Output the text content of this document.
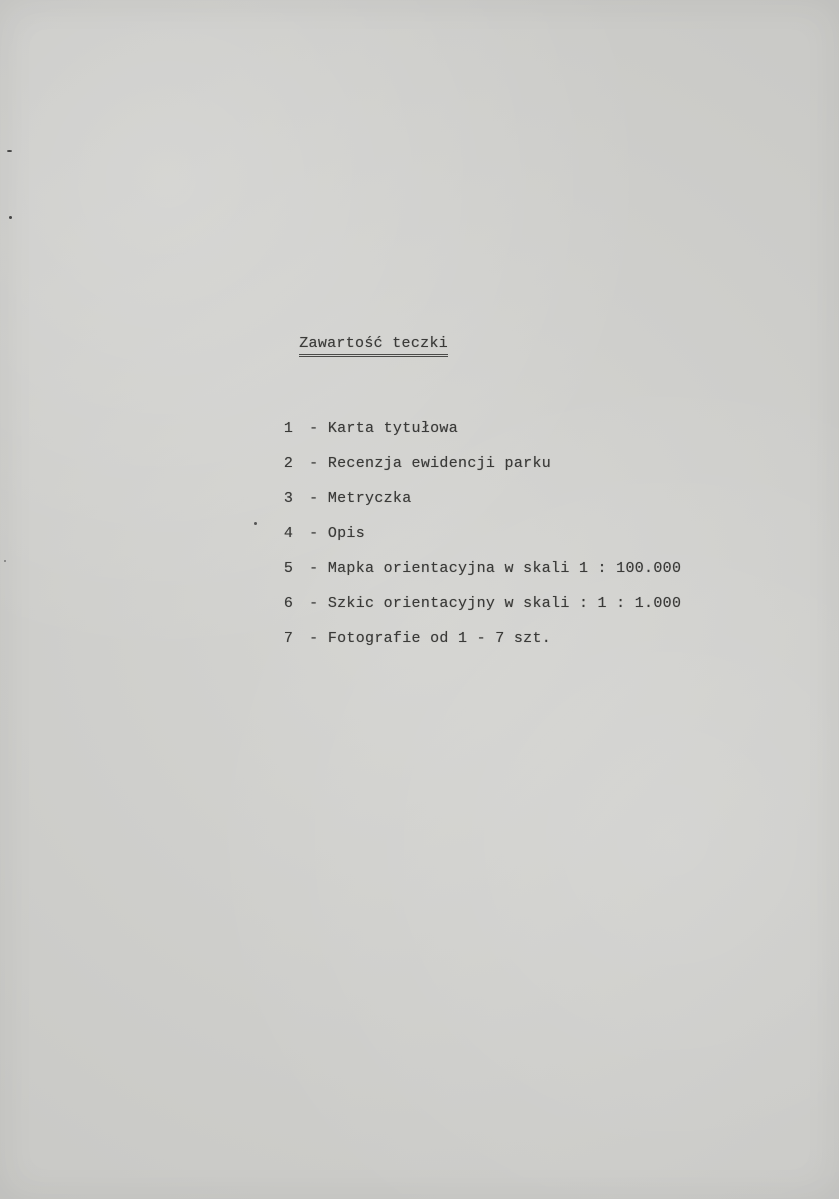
Zawartość teczki

1 - Karta tytułowa

2 - Recenzja ewidencji parku

3 - Metryczka

4 - Opis

5 - Mapka orientacyjna w skali 1 : 100.000

6 - Szkic orientacyjny w skali : 1 : 1.000

7 - Fotografie od 1 - 7 szt.
